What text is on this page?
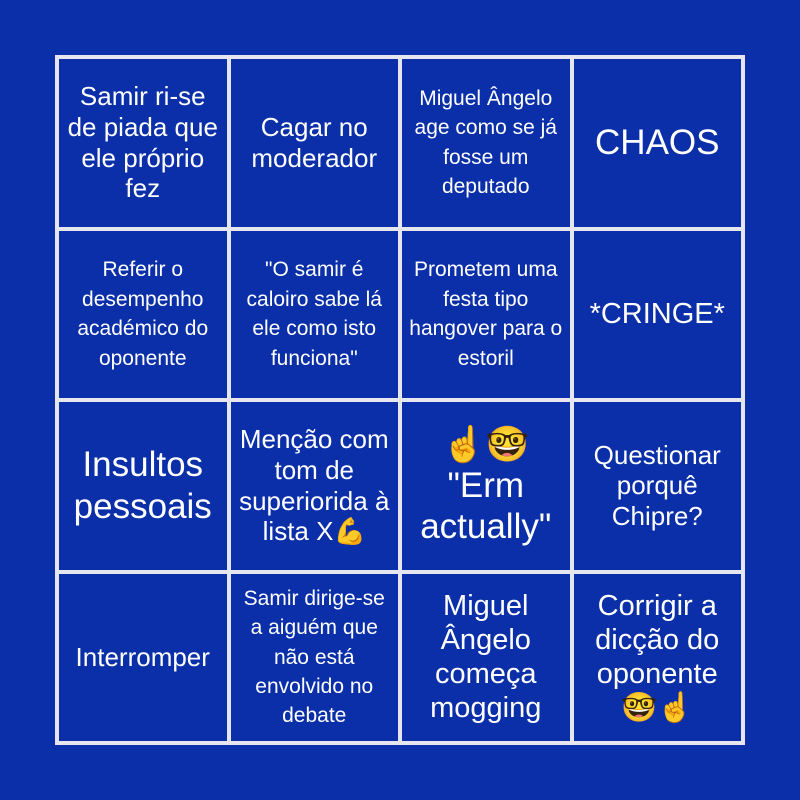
Samir ri-se de piada que ele próprio fez
Cagar no moderador
Miguel Ângelo age como se já fosse um deputado
CHAOS
Referir o desempenho académico do oponente
"O samir é caloiro sabe lá ele como isto funciona"
Prometem uma festa tipo hangover para o estoril
*CRINGE*
Insultos pessoais
Menção com tom de superiorida à lista X💪
☝️🤓 "Erm actually"
Questionar porquê Chipre?
Interromper
Samir dirige-se a aiguém que não está envolvido no debate
Miguel Ângelo começa mogging
Corrigir a dicção do oponente 🤓☝️
